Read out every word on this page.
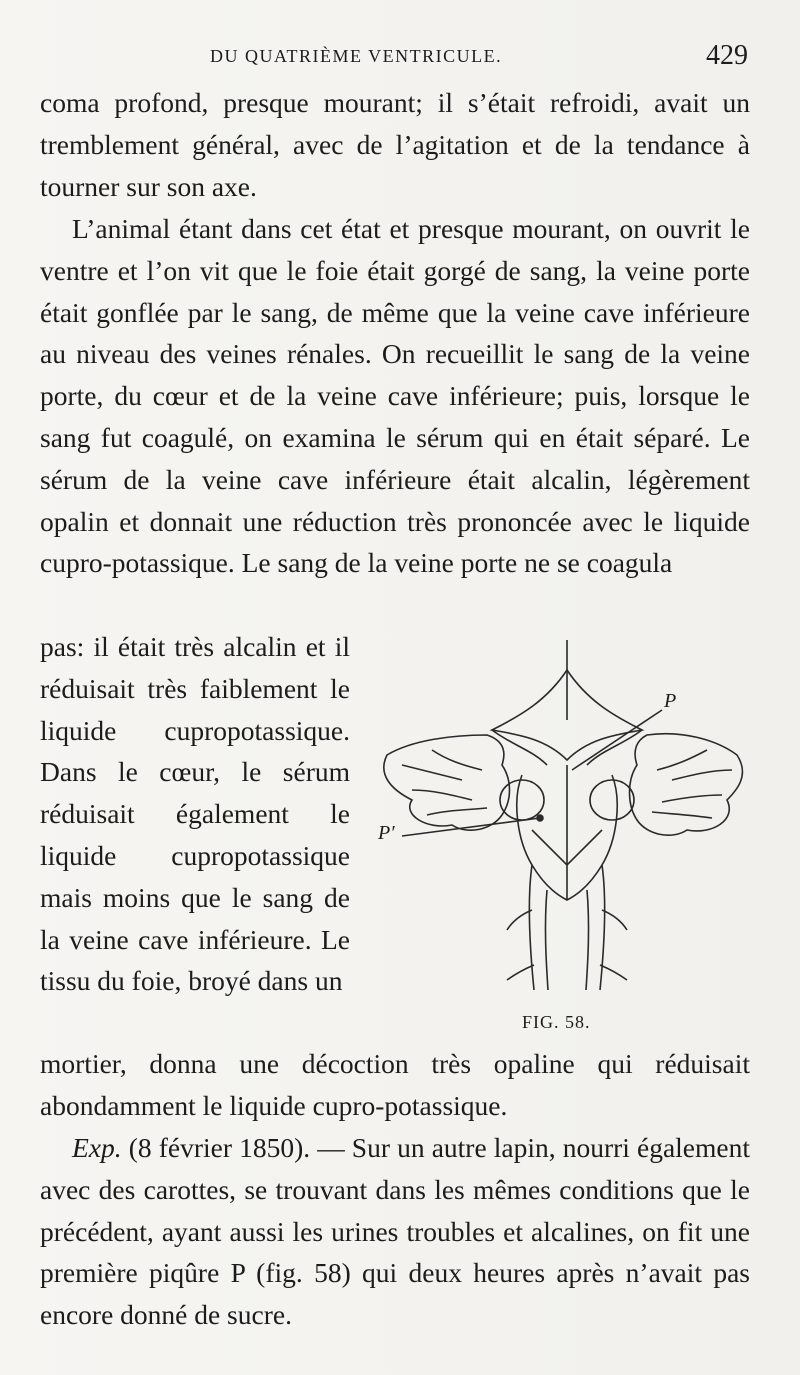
DU QUATRIÈME VENTRICULE.	429

coma profond, presque mourant; il s’était refroidi, avait un tremblement général, avec de l’agitation et de la tendance à tourner sur son axe.

L’animal étant dans cet état et presque mourant, on ouvrit le ventre et l’on vit que le foie était gorgé de sang, la veine porte était gonflée par le sang, de même que la veine cave inférieure au niveau des veines rénales. On recueillit le sang de la veine porte, du cœur et de la veine cave inférieure; puis, lorsque le sang fut coagulé, on examina le sérum qui en était séparé. Le sérum de la veine cave inférieure était alcalin, légèrement opalin et donnait une réduction très prononcée avec le liquide cupro-potassique. Le sang de la veine porte ne se coagula

pas: il était très alcalin et il réduisait très faiblement le liquide cupropotassique. Dans le cœur, le sérum réduisait également le liquide cupropotassique mais moins que le sang de la veine cave inférieure. Le tissu du foie, broyé dans un

P
P′
FIG. 58.

mortier, donna une décoction très opaline qui réduisait abondamment le liquide cupro-potassique.

Exp. (8 février 1850). — Sur un autre lapin, nourri également avec des carottes, se trouvant dans les mêmes conditions que le précédent, ayant aussi les urines troubles et alcalines, on fit une première piqûre P (fig. 58) qui deux heures après n’avait pas encore donné de sucre.
